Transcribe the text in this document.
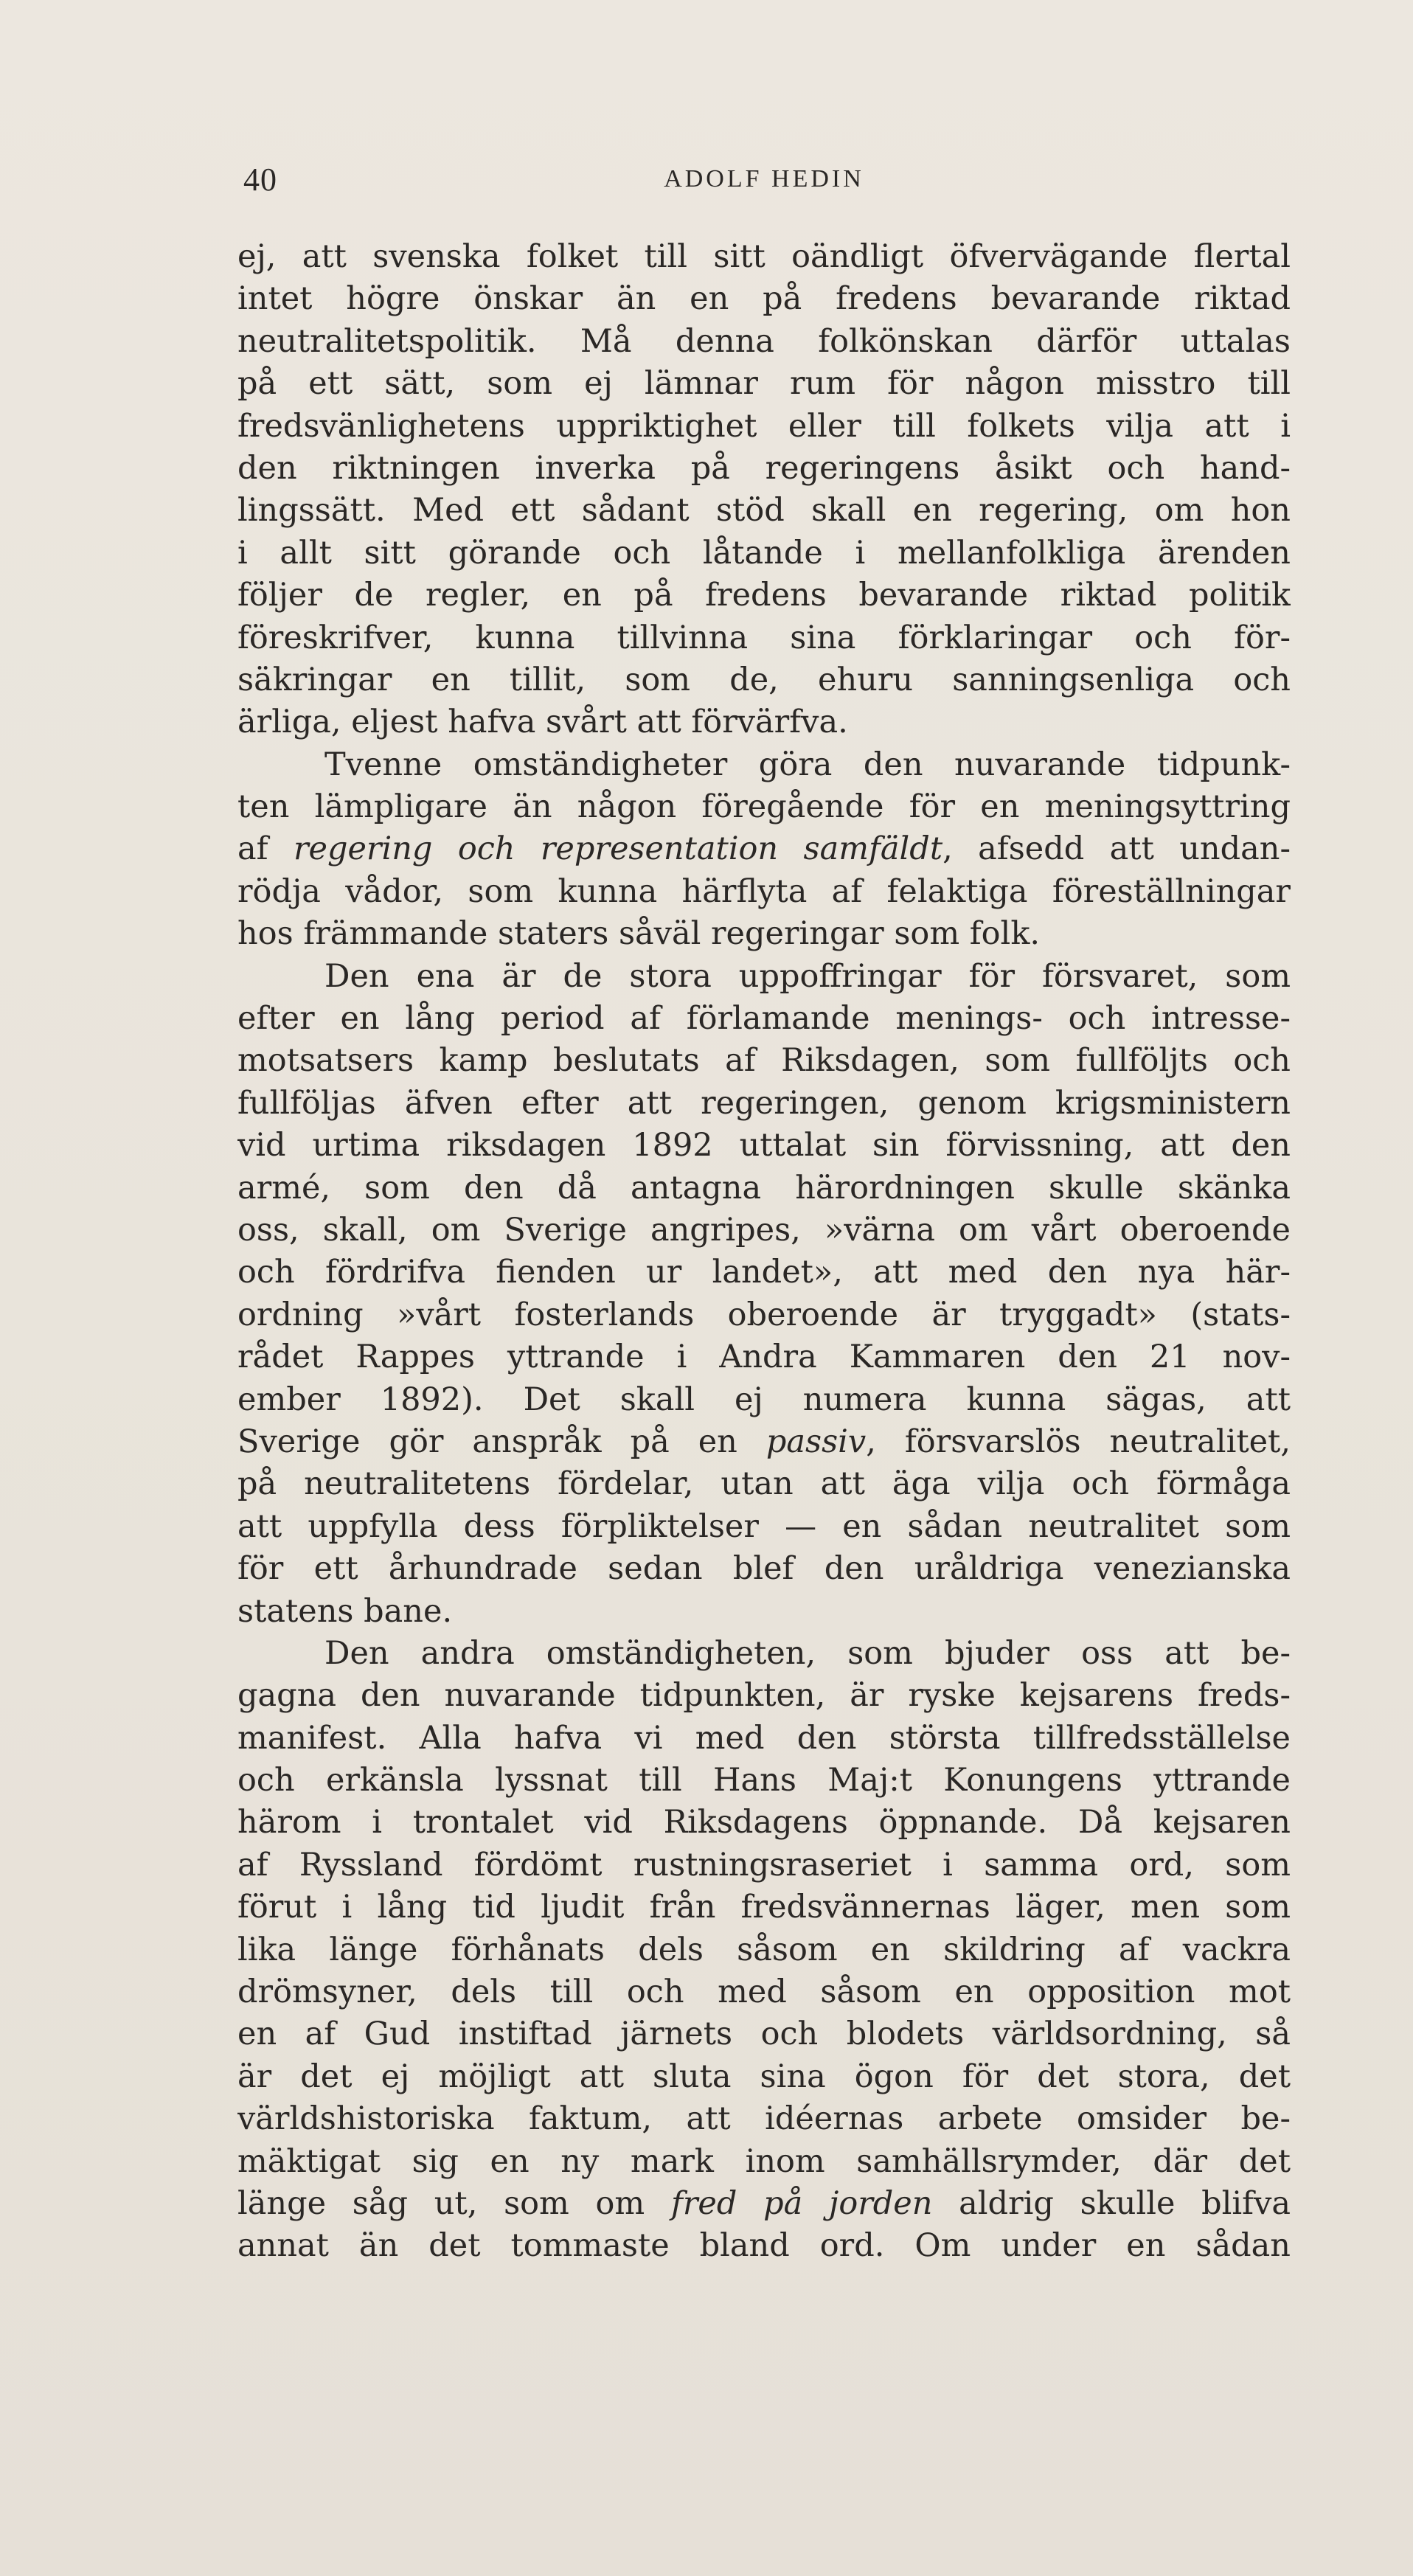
40	ADOLF HEDIN
ej, att svenska folket till sitt oändligt öfvervägande flertal
intet högre önskar än en på fredens bevarande riktad
neutralitetspolitik. Må denna folkönskan därför uttalas
på ett sätt, som ej lämnar rum för någon misstro till
fredsvänlighetens uppriktighet eller till folkets vilja att i
den riktningen inverka på regeringens åsikt och hand-
lingssätt. Med ett sådant stöd skall en regering, om hon
i allt sitt görande och låtande i mellanfolkliga ärenden
följer de regler, en på fredens bevarande riktad politik
föreskrifver, kunna tillvinna sina förklaringar och för-
säkringar en tillit, som de, ehuru sanningsenliga och
ärliga, eljest hafva svårt att förvärfva.
Tvenne omständigheter göra den nuvarande tidpunk-
ten lämpligare än någon föregående för en meningsyttring
af regering och representation samfäldt, afsedd att undan-
rödja vådor, som kunna härflyta af felaktiga föreställningar
hos främmande staters såväl regeringar som folk.
Den ena är de stora uppoffringar för försvaret, som
efter en lång period af förlamande menings- och intresse-
motsatsers kamp beslutats af Riksdagen, som fullföljts och
fullföljas äfven efter att regeringen, genom krigsministern
vid urtima riksdagen 1892 uttalat sin förvissning, att den
armé, som den då antagna härordningen skulle skänka
oss, skall, om Sverige angripes, »värna om vårt oberoende
och fördrifva fienden ur landet», att med den nya här-
ordning »vårt fosterlands oberoende är tryggadt» (stats-
rådet Rappes yttrande i Andra Kammaren den 21 nov-
ember 1892). Det skall ej numera kunna sägas, att
Sverige gör anspråk på en passiv, försvarslös neutralitet,
på neutralitetens fördelar, utan att äga vilja och förmåga
att uppfylla dess förpliktelser — en sådan neutralitet som
för ett århundrade sedan blef den uråldriga venezianska
statens bane.
Den andra omständigheten, som bjuder oss att be-
gagna den nuvarande tidpunkten, är ryske kejsarens freds-
manifest. Alla hafva vi med den största tillfredsställelse
och erkänsla lyssnat till Hans Maj:t Konungens yttrande
härom i trontalet vid Riksdagens öppnande. Då kejsaren
af Ryssland fördömt rustningsraseriet i samma ord, som
förut i lång tid ljudit från fredsvännernas läger, men som
lika länge förhånats dels såsom en skildring af vackra
drömsyner, dels till och med såsom en opposition mot
en af Gud instiftad järnets och blodets världsordning, så
är det ej möjligt att sluta sina ögon för det stora, det
världshistoriska faktum, att idéernas arbete omsider be-
mäktigat sig en ny mark inom samhällsrymder, där det
länge såg ut, som om fred på jorden aldrig skulle blifva
annat än det tommaste bland ord. Om under en sådan
